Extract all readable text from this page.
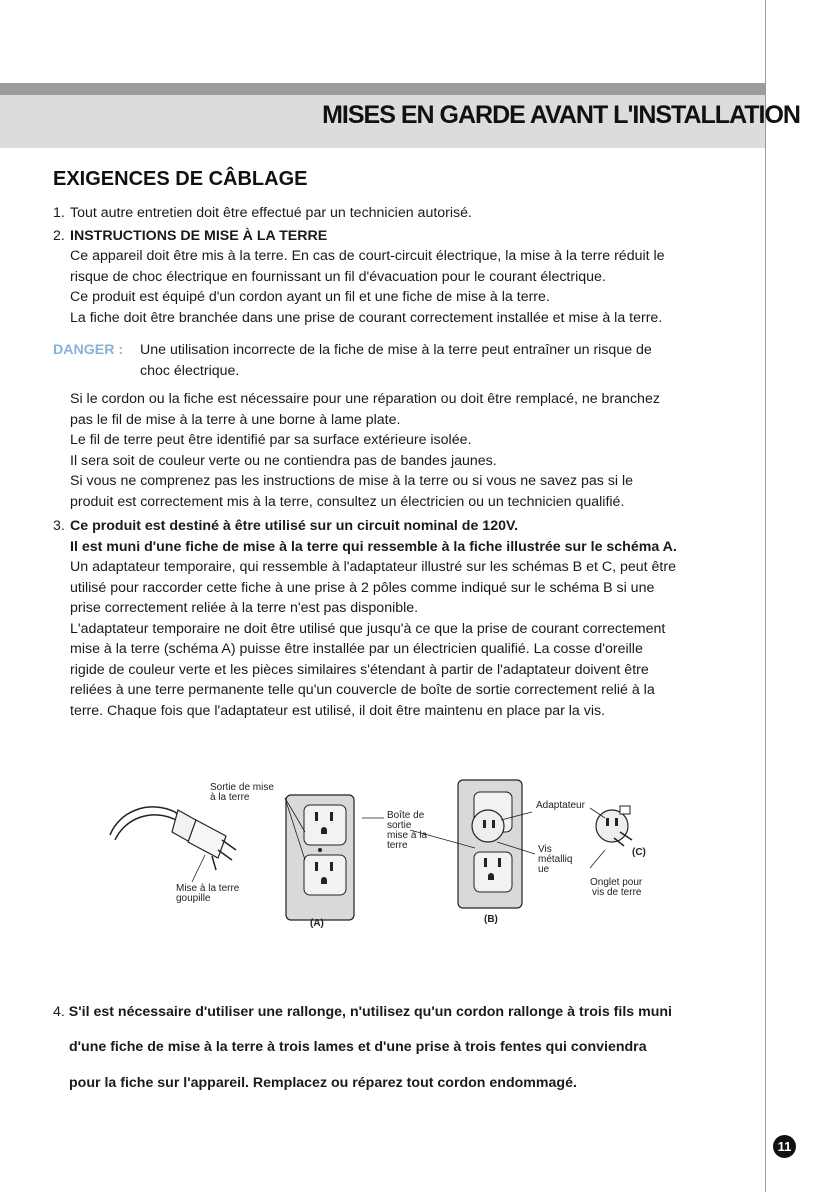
MISES EN GARDE AVANT L'INSTALLATION
EXIGENCES DE CÂBLAGE
1. Tout autre entretien doit être effectué par un technicien autorisé.

2. INSTRUCTIONS DE MISE À LA TERRE

Ce appareil doit être mis à la terre. En cas de court-circuit électrique, la mise à la terre réduit le

risque de choc électrique en fournissant un fil d'évacuation pour le courant électrique.

Ce produit est équipé d'un cordon ayant un fil et une fiche de mise à la terre.

La fiche doit être branchée dans une prise de courant correctement installée et mise à la terre.

DANGER : Une utilisation incorrecte de la fiche de mise à la terre peut entraîner un risque de

choc électrique.

Si le cordon ou la fiche est nécessaire pour une réparation ou doit être remplacé, ne branchez

pas le fil de mise à la terre à une borne à lame plate.

Le fil de terre peut être identifié par sa surface extérieure isolée.

Il sera soit de couleur verte ou ne contiendra pas de bandes jaunes.

Si vous ne comprenez pas les instructions de mise à la terre ou si vous ne savez pas si le

produit est correctement mis à la terre, consultez un électricien ou un technicien qualifié.

3. Ce produit est destiné à être utilisé sur un circuit nominal de 120V.

Il est muni d'une fiche de mise à la terre qui ressemble à la fiche illustrée sur le schéma A.

Un adaptateur temporaire, qui ressemble à l'adaptateur illustré sur les schémas B et C, peut être

utilisé pour raccorder cette fiche à une prise à 2 pôles comme indiqué sur le schéma B si une

prise correctement reliée à la terre n'est pas disponible.

L'adaptateur temporaire ne doit être utilisé que jusqu'à ce que la prise de courant correctement

mise à la terre (schéma A) puisse être installée par un électricien qualifié. La cosse d'oreille

rigide de couleur verte et les pièces similaires s'étendant à partir de l'adaptateur doivent être

reliées à une terre permanente telle qu'un couvercle de boîte de sortie correctement relié à la

terre. Chaque fois que l'adaptateur est utilisé, il doit être maintenu en place par la vis.

Sortie de mise
à la terre
Mise à la terre
goupille
Boîte de
sortie
mise à la
terre
Adaptateur
Vis
métalliq
ue
Onglet pour
vis de terre
(A)	(B)
(C)

4. S'il est nécessaire d'utiliser une rallonge, n'utilisez qu'un cordon rallonge à trois fils muni

d'une fiche de mise à la terre à trois lames et d'une prise à trois fentes qui conviendra

pour la fiche sur l'appareil. Remplacez ou réparez tout cordon endommagé.

11
